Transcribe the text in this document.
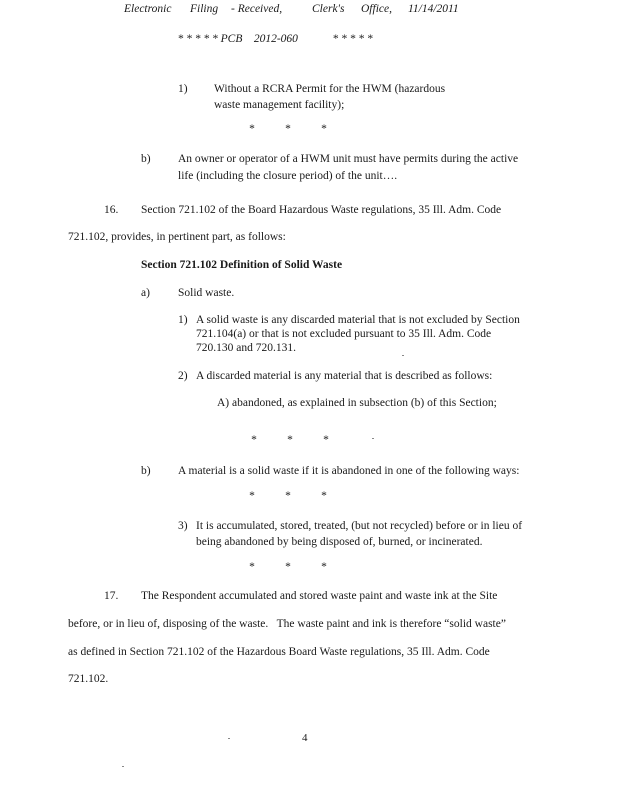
Electronic Filing - Received,	Clerk's Office, 11/14/2011

* * * * * PCB    2012-060            * * * * *

1) Without a RCRA Permit for the HWM (hazardous
waste management facility);
*	*	*
b) An owner or operator of a HWM unit must have permits during the active
life (including the closure period) of the unit….
16. Section 721.102 of the Board Hazardous Waste regulations, 35 Ill. Adm. Code
721.102, provides, in pertinent part, as follows:
Section 721.102 Definition of Solid Waste
a) Solid waste.
1) A solid waste is any discarded material that is not excluded by Section
721.104(a) or that is not excluded pursuant to 35 Ill. Adm. Code
720.130 and 720.131.
2) A discarded material is any material that is described as follows:
A) abandoned, as explained in subsection (b) of this Section;
*	*	*
b) A material is a solid waste if it is abandoned in one of the following ways:
*	*	*
3) It is accumulated, stored, treated, (but not recycled) before or in lieu of
being abandoned by being disposed of, burned, or incinerated.
*	*	*
17. The Respondent accumulated and stored waste paint and waste ink at the Site
before, or in lieu of, disposing of the waste.   The waste paint and ink is therefore “solid waste”
as defined in Section 721.102 of the Hazardous Board Waste regulations, 35 Ill. Adm. Code
721.102.
4
